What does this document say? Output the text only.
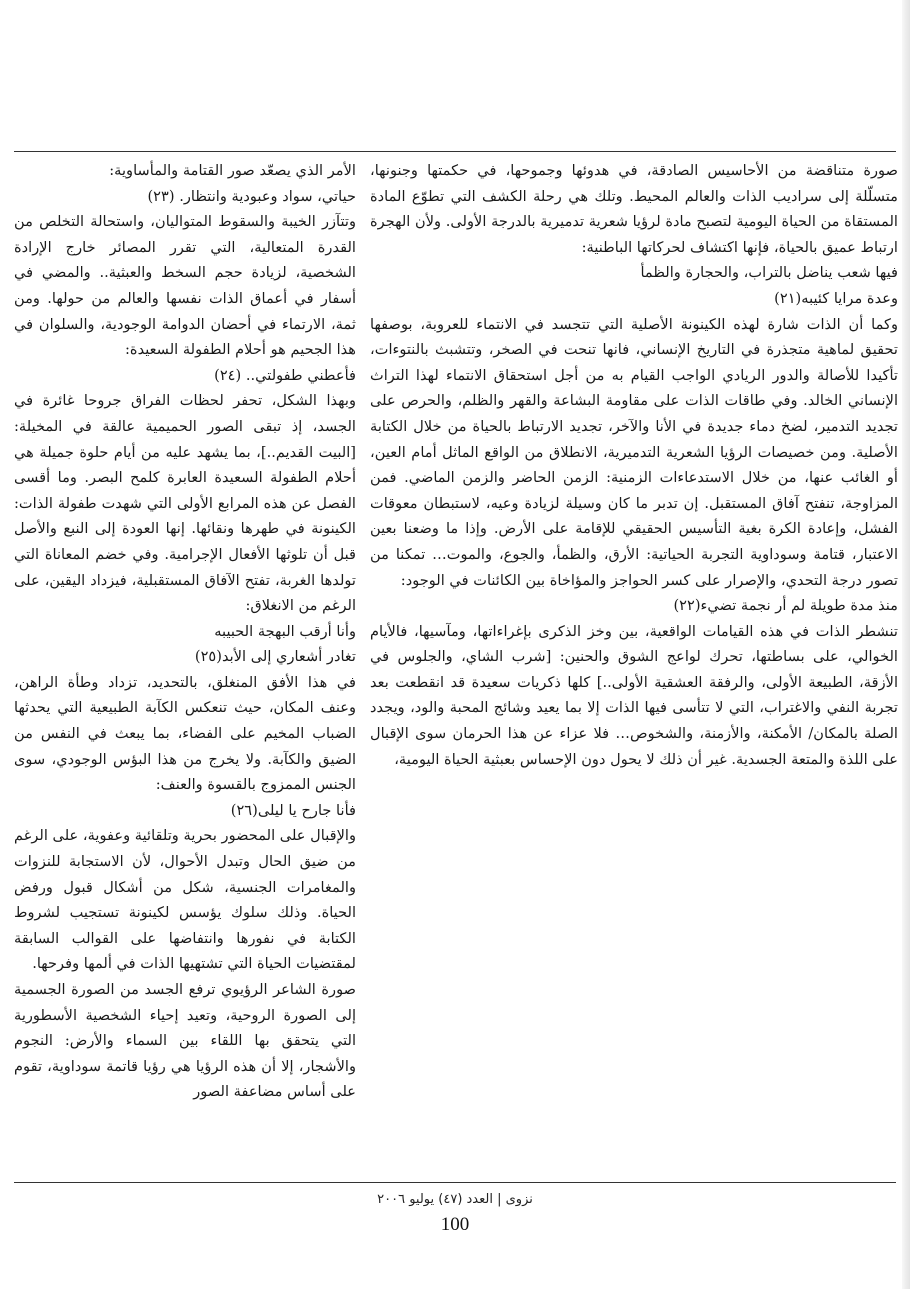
صورة متناقضة من الأحاسيس الصادقة، في هدوئها وجموحها، في حكمتها وجنونها، متسلّلة إلى سراديب الذات والعالم المحيط. وتلك هي رحلة الكشف التي تطوّع المادة المستقاة من الحياة اليومية لتصبح مادة لرؤيا شعرية تدميرية بالدرجة الأولى. ولأن الهجرة ارتباط عميق بالحياة، فإنها اكتشاف لحركاتها الباطنية:

فيها شعب يناضل بالتراب، والحجارة والظمأ

وعدة مرايا كئيبه(٢١)

وكما أن الذات شارة لهذه الكينونة الأصلية التي تتجسد في الانتماء للعروبة، بوصفها تحقيق لماهية متجذرة في التاريخ الإنساني، فانها تنحت في الصخر، وتتشبث بالنتوءات، تأكيدا للأصالة والدور الريادي الواجب القيام به من أجل استحقاق الانتماء لهذا التراث الإنساني الخالد. وفي طاقات الذات على مقاومة البشاعة والقهر والظلم، والحرص على تجديد التدمير، لضخ دماء جديدة في الأنا والآخر، تجديد الارتباط بالحياة من خلال الكتابة الأصلية. ومن خصيصات الرؤيا الشعرية التدميرية، الانطلاق من الواقع الماثل أمام العين، أو الغائب عنها، من خلال الاستدعاءات الزمنية: الزمن الحاضر والزمن الماضي. فمن المزاوجة، تنفتح آفاق المستقبل. إن تدبر ما كان وسيلة لزيادة وعيه، لاستبطان معوقات الفشل، وإعادة الكرة بغية التأسيس الحقيقي للإقامة على الأرض. وإذا ما وضعنا بعين الاعتبار، قتامة وسوداوية التجربة الحياتية: الأرق، والظمأ، والجوع، والموت… تمكنا من تصور درجة التحدي، والإصرار على كسر الحواجز والمؤاخاة بين الكائنات في الوجود:

منذ مدة طويلة لم أر نجمة تضيء(٢٢)

تنشطر الذات في هذه القيامات الواقعية، بين وخز الذكرى بإغراءاتها، ومآسيها، فالأيام الخوالي، على بساطتها، تحرك لواعج الشوق والحنين: [شرب الشاي، والجلوس في الأزقة، الطبيعة الأولى، والرفقة العشقية الأولى..] كلها ذكريات سعيدة قد انقطعت بعد تجربة النفي والاغتراب، التي لا تتأسى فيها الذات إلا بما يعيد وشائج المحبة والود، ويجدد الصلة بالمكان/ الأمكنة، والأزمنة، والشخوص… فلا عزاء عن هذا الحرمان سوى الإقبال على اللذة والمتعة الجسدية. غير أن ذلك لا يحول دون الإحساس بعبثية الحياة اليومية،

الأمر الذي يصعّد صور القتامة والمأساوية:

حياتي، سواد وعبودية وانتظار. (٢٣)

وتتآزر الخيبة والسقوط المتواليان، واستحالة التخلص من القدرة المتعالية، التي تقرر المصائر خارج الإرادة الشخصية، لزيادة حجم السخط والعبثية.. والمضي في أسفار في أعماق الذات نفسها والعالم من حولها. ومن ثمة، الارتماء في أحضان الدوامة الوجودية، والسلوان في هذا الجحيم هو أحلام الطفولة السعيدة:

فأعطني طفولتي.. (٢٤)

وبهذا الشكل، تحفر لحظات الفراق جروحا غائرة في الجسد، إذ تبقى الصور الحميمية عالقة في المخيلة: [البيت القديم..]، بما يشهد عليه من أيام حلوة جميلة هي أحلام الطفولة السعيدة العابرة كلمح البصر. وما أقسى الفصل عن هذه المرابع الأولى التي شهدت طفولة الذات: الكينونة في طهرها ونقائها. إنها العودة إلى النبع والأصل قبل أن تلوثها الأفعال الإجرامية. وفي خضم المعاناة التي تولدها الغربة، تفتح الآفاق المستقبلية، فيزداد اليقين، على الرغم من الانغلاق:

وأنا أرقب البهجة الحبيبه

تغادر أشعاري إلى الأبد(٢٥)

في هذا الأفق المنغلق، بالتحديد، تزداد وطأة الراهن، وعنف المكان، حيث تنعكس الكآبة الطبيعية التي يحدثها الضباب المخيم على الفضاء، بما يبعث في النفس من الضيق والكآبة. ولا يخرج من هذا البؤس الوجودي، سوى الجنس الممزوج بالقسوة والعنف:

فأنا جارح يا ليلى(٢٦)

والإقبال على المحضور بحرية وتلقائية وعفوية، على الرغم من ضيق الحال وتبدل الأحوال، لأن الاستجابة للنزوات والمغامرات الجنسية، شكل من أشكال قبول ورفض الحياة. وذلك سلوك يؤسس لكينونة تستجيب لشروط الكتابة في نفورها وانتفاضها على القوالب السابقة لمقتضيات الحياة التي تشتهيها الذات في ألمها وفرحها.

صورة الشاعر الرؤيوي ترفع الجسد من الصورة الجسمية إلى الصورة الروحية، وتعيد إحياء الشخصية الأسطورية التي يتحقق بها اللقاء بين السماء والأرض: النجوم والأشجار، إلا أن هذه الرؤيا هي رؤيا قاتمة سوداوية، تقوم على أساس مضاعفة الصور

نزوى | العدد (٤٧) يوليو ٢٠٠٦
100
